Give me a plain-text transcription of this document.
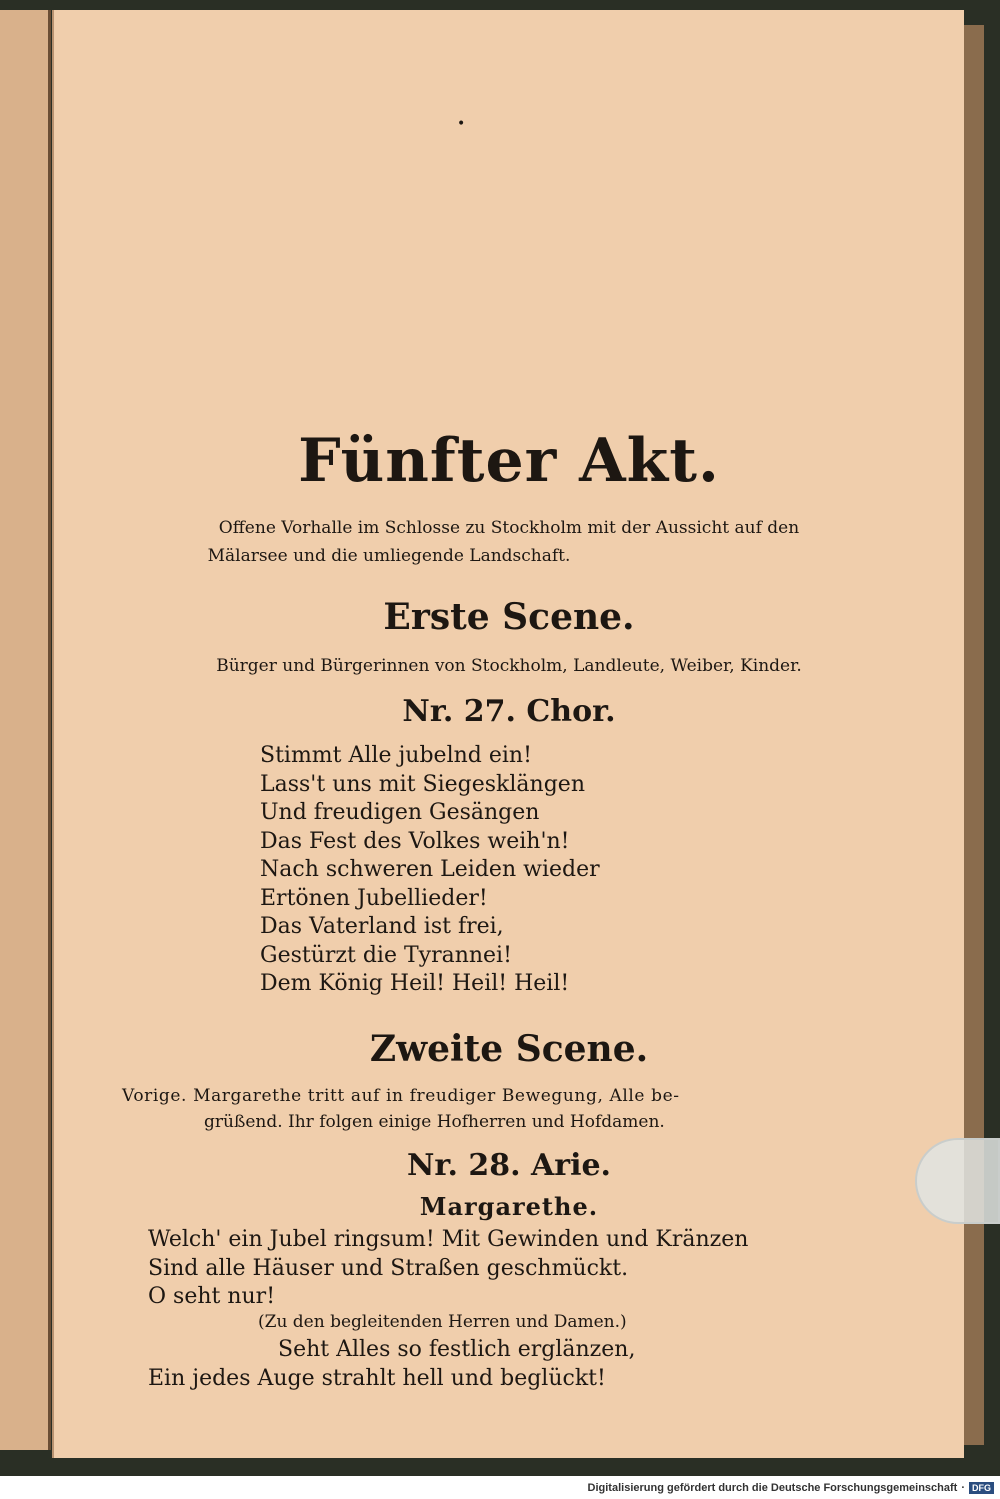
•
Fünfter Akt.
Offene Vorhalle im Schlosse zu Stockholm mit der Aussicht auf den
Mälarsee und die umliegende Landschaft.
Erste Scene.
Bürger und Bürgerinnen von Stockholm, Landleute, Weiber, Kinder.
Nr. 27. Chor.
Stimmt Alle jubelnd ein!
Lass't uns mit Siegesklängen
Und freudigen Gesängen
Das Fest des Volkes weih'n!
Nach schweren Leiden wieder
Ertönen Jubellieder!
Das Vaterland ist frei,
Gestürzt die Tyrannei!
Dem König Heil! Heil! Heil!
Zweite Scene.
Vorige. Margarethe tritt auf in freudiger Bewegung, Alle be-
grüßend. Ihr folgen einige Hofherren und Hofdamen.
Nr. 28. Arie.
Margarethe.
Welch' ein Jubel ringsum! Mit Gewinden und Kränzen
Sind alle Häuser und Straßen geschmückt.
O seht nur!
(Zu den begleitenden Herren und Damen.)
Seht Alles so festlich erglänzen,
Ein jedes Auge strahlt hell und beglückt!
Digitalisierung gefördert durch die Deutsche Forschungsgemeinschaft · DFG
